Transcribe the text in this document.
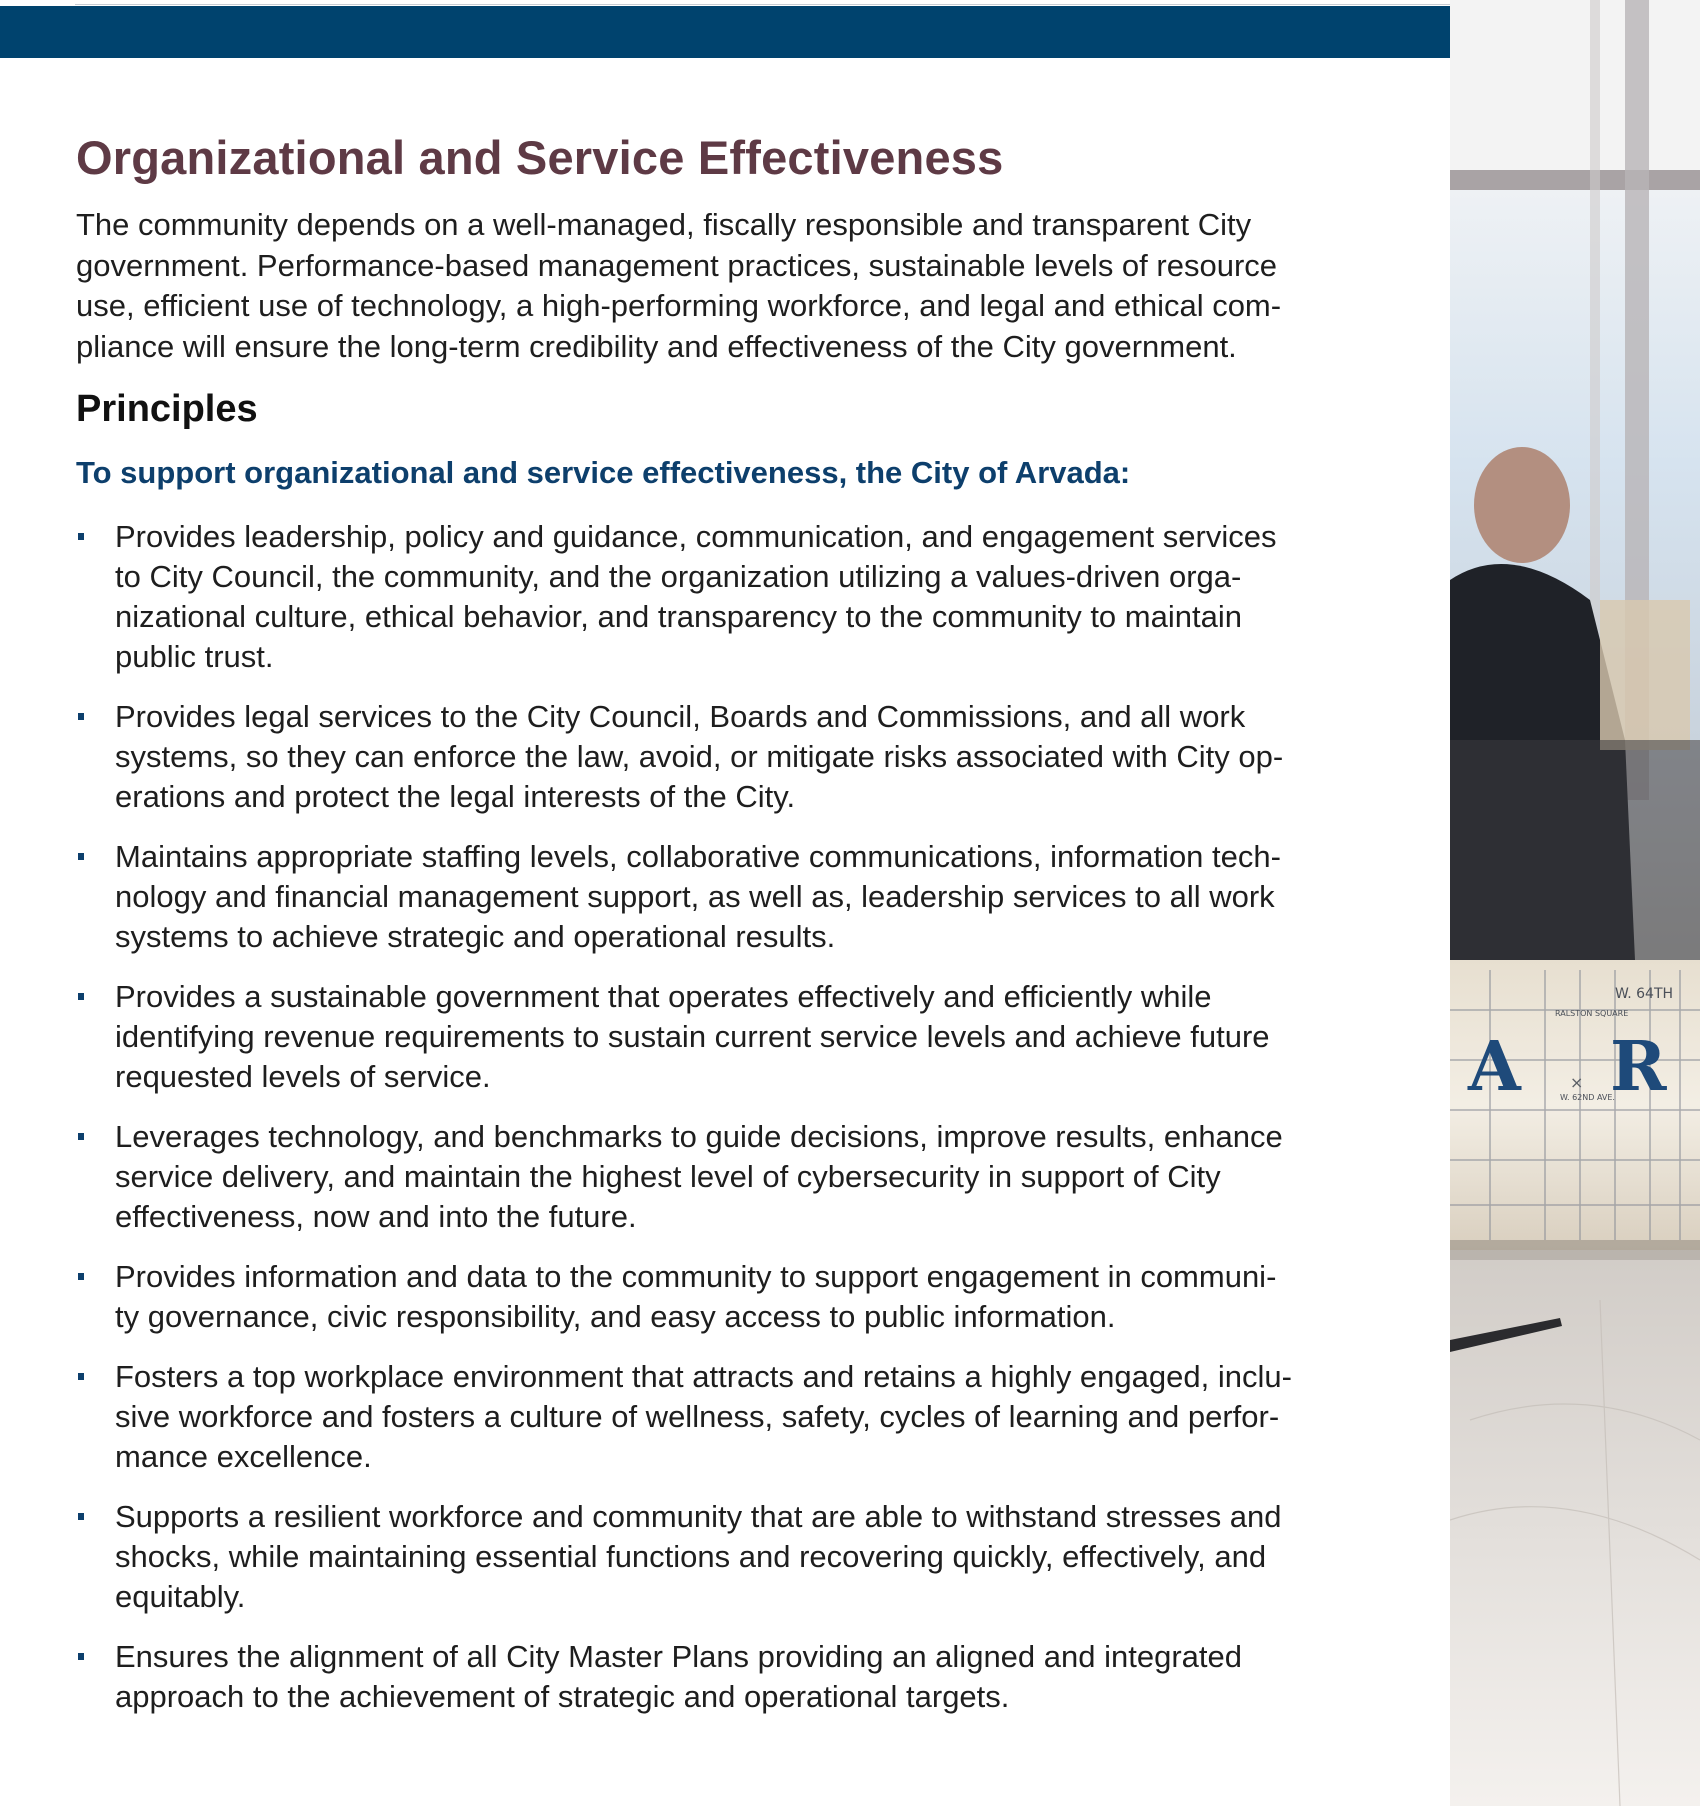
A R
×
W. 64TH
RALSTON SQUARE
W. 62ND AVE.
Organizational and Service Effectiveness

The community depends on a well-managed, fiscally responsible and transparent City
government. Performance-based management practices, sustainable levels of resource
use, efficient use of technology, a high-performing workforce, and legal and ethical com-
pliance will ensure the long-term credibility and effectiveness of the City government.

Principles

To support organizational and service effectiveness, the City of Arvada:

Provides leadership, policy and guidance, communication, and engagement services
to City Council, the community, and the organization utilizing a values-driven orga-
nizational culture, ethical behavior, and transparency to the community to maintain
public trust.
Provides legal services to the City Council, Boards and Commissions, and all work
systems, so they can enforce the law, avoid, or mitigate risks associated with City op-
erations and protect the legal interests of the City.
Maintains appropriate staffing levels, collaborative communications, information tech-
nology and financial management support, as well as, leadership services to all work
systems to achieve strategic and operational results.
Provides a sustainable government that operates effectively and efficiently while
identifying revenue requirements to sustain current service levels and achieve future
requested levels of service.
Leverages technology, and benchmarks to guide decisions, improve results, enhance
service delivery, and maintain the highest level of cybersecurity in support of City
effectiveness, now and into the future.
Provides information and data to the community to support engagement in communi-
ty governance, civic responsibility, and easy access to public information.
Fosters a top workplace environment that attracts and retains a highly engaged, inclu-
sive workforce and fosters a culture of wellness, safety, cycles of learning and perfor-
mance excellence.
Supports a resilient workforce and community that are able to withstand stresses and
shocks, while maintaining essential functions and recovering quickly, effectively, and
equitably.
Ensures the alignment of all City Master Plans providing an aligned and integrated
approach to the achievement of strategic and operational targets.
